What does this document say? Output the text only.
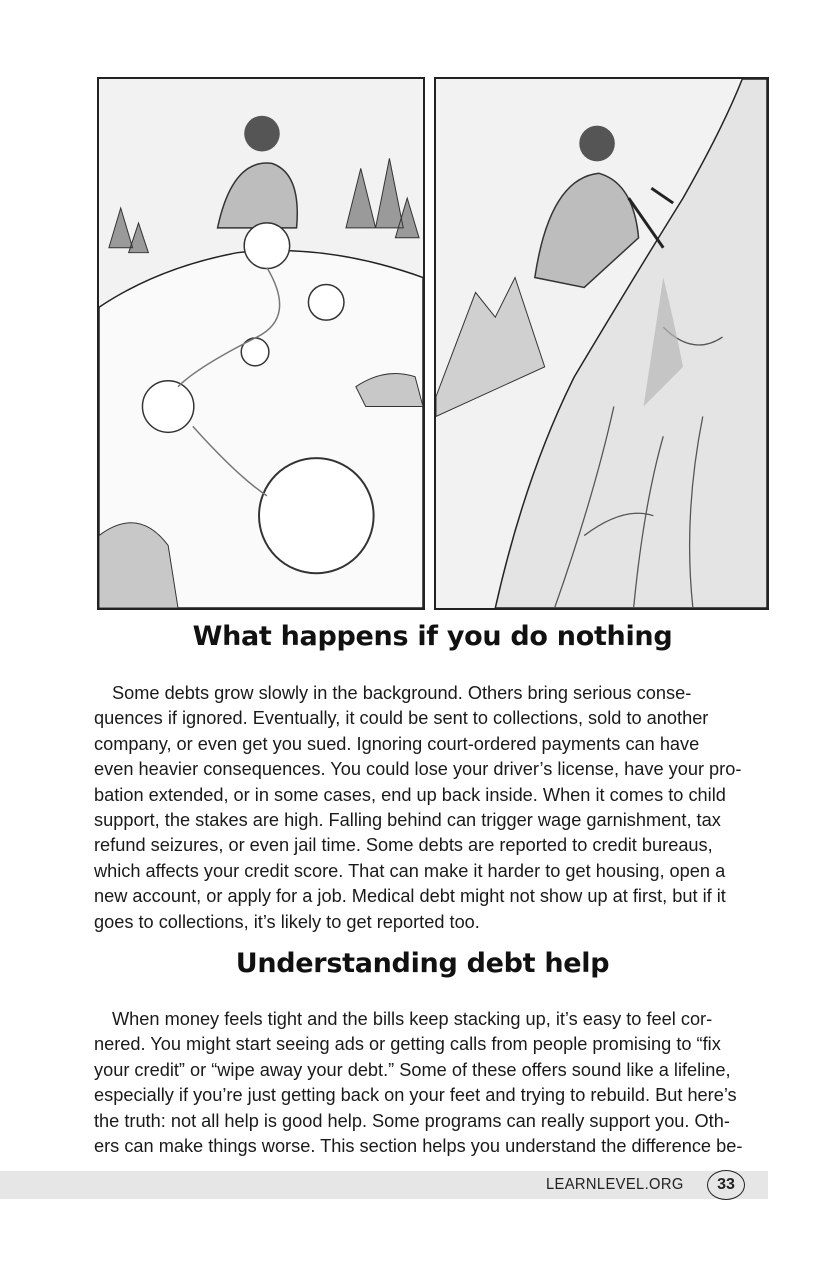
What happens if you do nothing
Some debts grow slowly in the background. Others bring serious conse-
quences if ignored. Eventually, it could be sent to collections, sold to another
company, or even get you sued. Ignoring court-ordered payments can have
even heavier consequences. You could lose your driver’s license, have your pro-
bation extended, or in some cases, end up back inside. When it comes to child
support, the stakes are high. Falling behind can trigger wage garnishment, tax
refund seizures, or even jail time. Some debts are reported to credit bureaus,
which affects your credit score. That can make it harder to get housing, open a
new account, or apply for a job. Medical debt might not show up at first, but if it
goes to collections, it’s likely to get reported too.
Understanding debt help
When money feels tight and the bills keep stacking up, it’s easy to feel cor-
nered. You might start seeing ads or getting calls from people promising to “fix
your credit” or “wipe away your debt.” Some of these offers sound like a lifeline,
especially if you’re just getting back on your feet and trying to rebuild. But here’s
the truth: not all help is good help. Some programs can really support you. Oth-
ers can make things worse. This section helps you understand the difference be-
LEARNLEVEL.ORG	33
